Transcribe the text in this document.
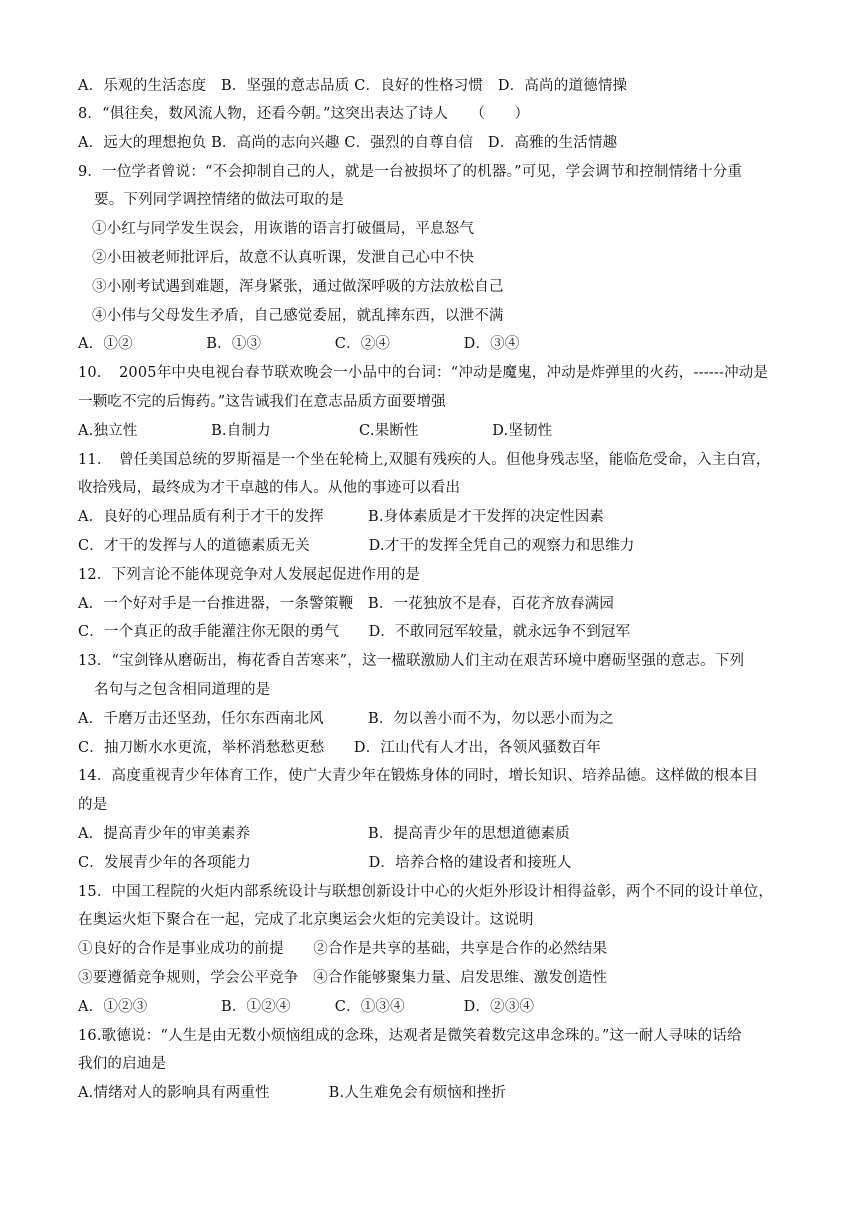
A．乐观的生活态度　B．坚强的意志品质 C．良好的性格习惯　D．高尚的道德情操
8．“俱往矣，数风流人物，还看今朝。”这突出表达了诗人　　（　　）
A．远大的理想抱负 B．高尚的志向兴趣 C．强烈的自尊自信　D．高雅的生活情趣
9．一位学者曾说：“不会抑制自己的人，就是一台被损坏了的机器。”可见，学会调节和控制情绪十分重
要。下列同学调控情绪的做法可取的是
①小红与同学发生误会，用诙谐的语言打破僵局，平息怒气
②小田被老师批评后，故意不认真听课，发泄自己心中不快
③小刚考试遇到难题，浑身紧张，通过做深呼吸的方法放松自己
④小伟与父母发生矛盾，自己感觉委屈，就乱摔东西，以泄不满
A．①②　　　　　B．①③　　　　　C．②④　　　　　D．③④
10．　2005年中央电视台春节联欢晚会一小品中的台词：“冲动是魔鬼，冲动是炸弹里的火药，------冲动是
一颗吃不完的后悔药。”这告诫我们在意志品质方面要增强
A.独立性　　　　　B.自制力　　　　　　C.果断性　　　　　D.坚韧性
11．　曾任美国总统的罗斯福是一个坐在轮椅上,双腿有残疾的人。但他身残志坚，能临危受命，入主白宫，
收拾残局，最终成为才干卓越的伟人。从他的事迹可以看出
A．良好的心理品质有利于才干的发挥　　　B.身体素质是才干发挥的决定性因素
C．才干的发挥与人的道德素质无关　　　　D.才干的发挥全凭自己的观察力和思维力
12．下列言论不能体现竞争对人发展起促进作用的是
A．一个好对手是一台推进器，一条警策鞭　B．一花独放不是春，百花齐放春满园
C．一个真正的敌手能灌注你无限的勇气　　D．不敢同冠军较量，就永远争不到冠军
13．“宝剑锋从磨砺出，梅花香自苦寒来”，这一楹联激励人们主动在艰苦环境中磨砺坚强的意志。下列
名句与之包含相同道理的是
A．千磨万击还坚劲，任尔东西南北风　　　B．勿以善小而不为，勿以恶小而为之
C．抽刀断水水更流，举杯消愁愁更愁　　D．江山代有人才出，各领风骚数百年
14．高度重视青少年体育工作，使广大青少年在锻炼身体的同时，增长知识、培养品德。这样做的根本目
的是
A．提高青少年的审美素养　　　　　　　　B．提高青少年的思想道德素质
C．发展青少年的各项能力　　　　　　　　D．培养合格的建设者和接班人
15．中国工程院的火炬内部系统设计与联想创新设计中心的火炬外形设计相得益彰，两个不同的设计单位，
在奥运火炬下聚合在一起，完成了北京奥运会火炬的完美设计。这说明
①良好的合作是事业成功的前提　　②合作是共享的基础，共享是合作的必然结果
③要遵循竞争规则，学会公平竞争　④合作能够聚集力量、启发思维、激发创造性
A．①②③　　　　　B．①②④　　　C．①③④　　　　D．②③④
16.歌德说：“人生是由无数小烦恼组成的念珠，达观者是微笑着数完这串念珠的。”这一耐人寻味的话给
我们的启迪是
A.情绪对人的影响具有两重性　　　　B.人生难免会有烦恼和挫折
